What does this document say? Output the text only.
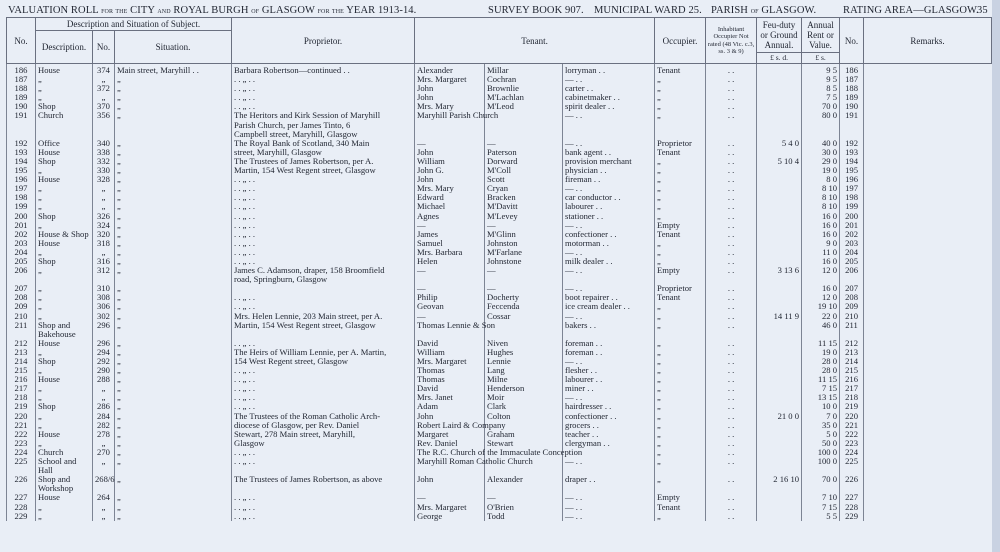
VALUATION ROLL for the CITY and ROYAL BURGH of GLASGOW for the YEAR 1913-14.	SURVEY BOOK 907. MUNICIPAL WARD 25. PARISH of GLASGOW.	RATING AREA—GLASGOW.
35
No.	Description and Situation of Subject.			Proprietor.	Tenant.			Occupier.	Inhabitant Occupier Not rated (48 Vic. c.3, ss. 3 & 9)	Feu-duty or Ground Annual.	Annual Rent or Value.	No.	Remarks.
	Description.	No.	Situation.										
										£ s. d.	£ s.		
186	House	374	Main street, Maryhill . .	Barbara Robertson—continued . .	Alexander	Millar	lorryman . .	Tenant	. .		9 5	186	
187	„	„	„	. . „ . .	Mrs. Margaret	Cochran	— . .	„	. .		9 5	187	
188	„	372	„	. . „ . .	John	Brownlie	carter . .	„	. .		8 5	188	
189	„	„	„	. . „ . .	John	M'Lachlan	cabinetmaker . .	„	. .		7 5	189	
190	Shop	370	„	. . „ . .	Mrs. Mary	M'Leod	spirit dealer . .	„	. .		70 0	190	
191	Church	356	„	The Heritors and Kirk Session of Maryhill	Maryhill Parish Church		— . .	„	. .		80 0	191	
				Parish Church, per James Tinto, 6									
				Campbell street, Maryhill, Glasgow									
192	Office	340	„	The Royal Bank of Scotland, 340 Main	—	—	— . .	Proprietor	. .	5 4 0	40 0	192	
193	House	338	„	street, Maryhill, Glasgow	John	Paterson	bank agent . .	Tenant	. .		30 0	193	
194	Shop	332	„	The Trustees of James Robertson, per A.	William	Dorward	provision merchant	„	. .	5 10 4	29 0	194	
195	„	330	„	Martin, 154 West Regent street, Glasgow	John G.	M'Coll	physician . .	„	. .		19 0	195	
196	House	328	„	. . „ . .	John	Scott	fireman . .	„	. .		8 0	196	
197	„	„	„	. . „ . .	Mrs. Mary	Cryan	— . .	„	. .		8 10	197	
198	„	„	„	. . „ . .	Edward	Bracken	car conductor . .	„	. .		8 10	198	
199	„	„	„	. . „ . .	Michael	M'Davitt	labourer . .	„	. .		8 10	199	
200	Shop	326	„	. . „ . .	Agnes	M'Levey	stationer . .	„	. .		16 0	200	
201	„	324	„	. . „ . .	—	—	— . .	Empty	. .		16 0	201	
202	House & Shop	320	„	. . „ . .	James	M'Glinn	confectioner . .	Tenant	. .		16 0	202	
203	House	318	„	. . „ . .	Samuel	Johnston	motorman . .	„	. .		9 0	203	
204	„	„	„	. . „ . .	Mrs. Barbara	M'Farlane	— . .	„	. .		11 0	204	
205	Shop	316	„	. . „ . .	Helen	Johnstone	milk dealer . .	„	. .		16 0	205	
206	„	312	„	James C. Adamson, draper, 158 Broomfield	—	—	— . .	Empty	. .	3 13 6	12 0	206	
				road, Springburn, Glasgow									
207	„	310	„		—	—	— . .	Proprietor	. .		16 0	207	
208	„	308	„	. . „ . .	Philip	Docherty	boot repairer . .	Tenant	. .		12 0	208	
209	„	306	„	. . „ . .	Geovan	Feccenda	ice cream dealer . .	„	. .		19 10	209	
210	„	302	„	Mrs. Helen Lennie, 203 Main street, per A.	—	Cossar	— . .	„	. .	14 11 9	22 0	210	
211	Shop and	296	„	Martin, 154 West Regent street, Glasgow	Thomas Lennie & Son		bakers . .	„	. .		46 0	211	
	Bakehouse												
212	House	296	„	. . „ . .	David	Niven	foreman . .	„	. .		11 15	212	
213	„	294	„	The Heirs of William Lennie, per A. Martin,	William	Hughes	foreman . .	„	. .		19 0	213	
214	Shop	292	„	154 West Regent street, Glasgow	Mrs. Margaret	Lennie	— . .	„	. .		28 0	214	
215	„	290	„	. . „ . .	Thomas	Lang	flesher . .	„	. .		28 0	215	
216	House	288	„	. . „ . .	Thomas	Milne	labourer . .	„	. .		11 15	216	
217	„	„	„	. . „ . .	David	Henderson	miner . .	„	. .		7 15	217	
218	„	„	„	. . „ . .	Mrs. Janet	Moir	— . .	„	. .		13 15	218	
219	Shop	286	„	. . „ . .	Adam	Clark	hairdresser . .	„	. .		10 0	219	
220	„	284	„	The Trustees of the Roman Catholic Arch-	John	Colton	confectioner . .	„	. .	21 0 0	7 0	220	
221	„	282	„	diocese of Glasgow, per Rev. Daniel	Robert Laird & Company		grocers . .	„	. .		35 0	221	
222	House	278	„	Stewart, 278 Main street, Maryhill,	Margaret	Graham	teacher . .	„	. .		5 0	222	
223	„	„	„	Glasgow	Rev. Daniel	Stewart	clergyman . .	„	. .		50 0	223	
224	Church	270	„	. . „ . .	The R.C. Church of the Immaculate Conception			„	. .		100 0	224	
225	School and	„	„	. . „ . .	Maryhill Roman Catholic Church		— . .	„	. .		100 0	225	
	Hall												
226	Shop and	268/6	„	The Trustees of James Robertson, as above	John	Alexander	draper . .	„	. .	2 16 10	70 0	226	
	Workshop												
227	House	264	„	. . „ . .	—	—	— . .	Empty	. .		7 10	227	
228	„	„	„	. . „ . .	Mrs. Margaret	O'Brien	— . .	Tenant	. .		7 15	228	
229	„	„	„	. . „ . .	George	Todd	— . .	„	. .		5 5	229	
